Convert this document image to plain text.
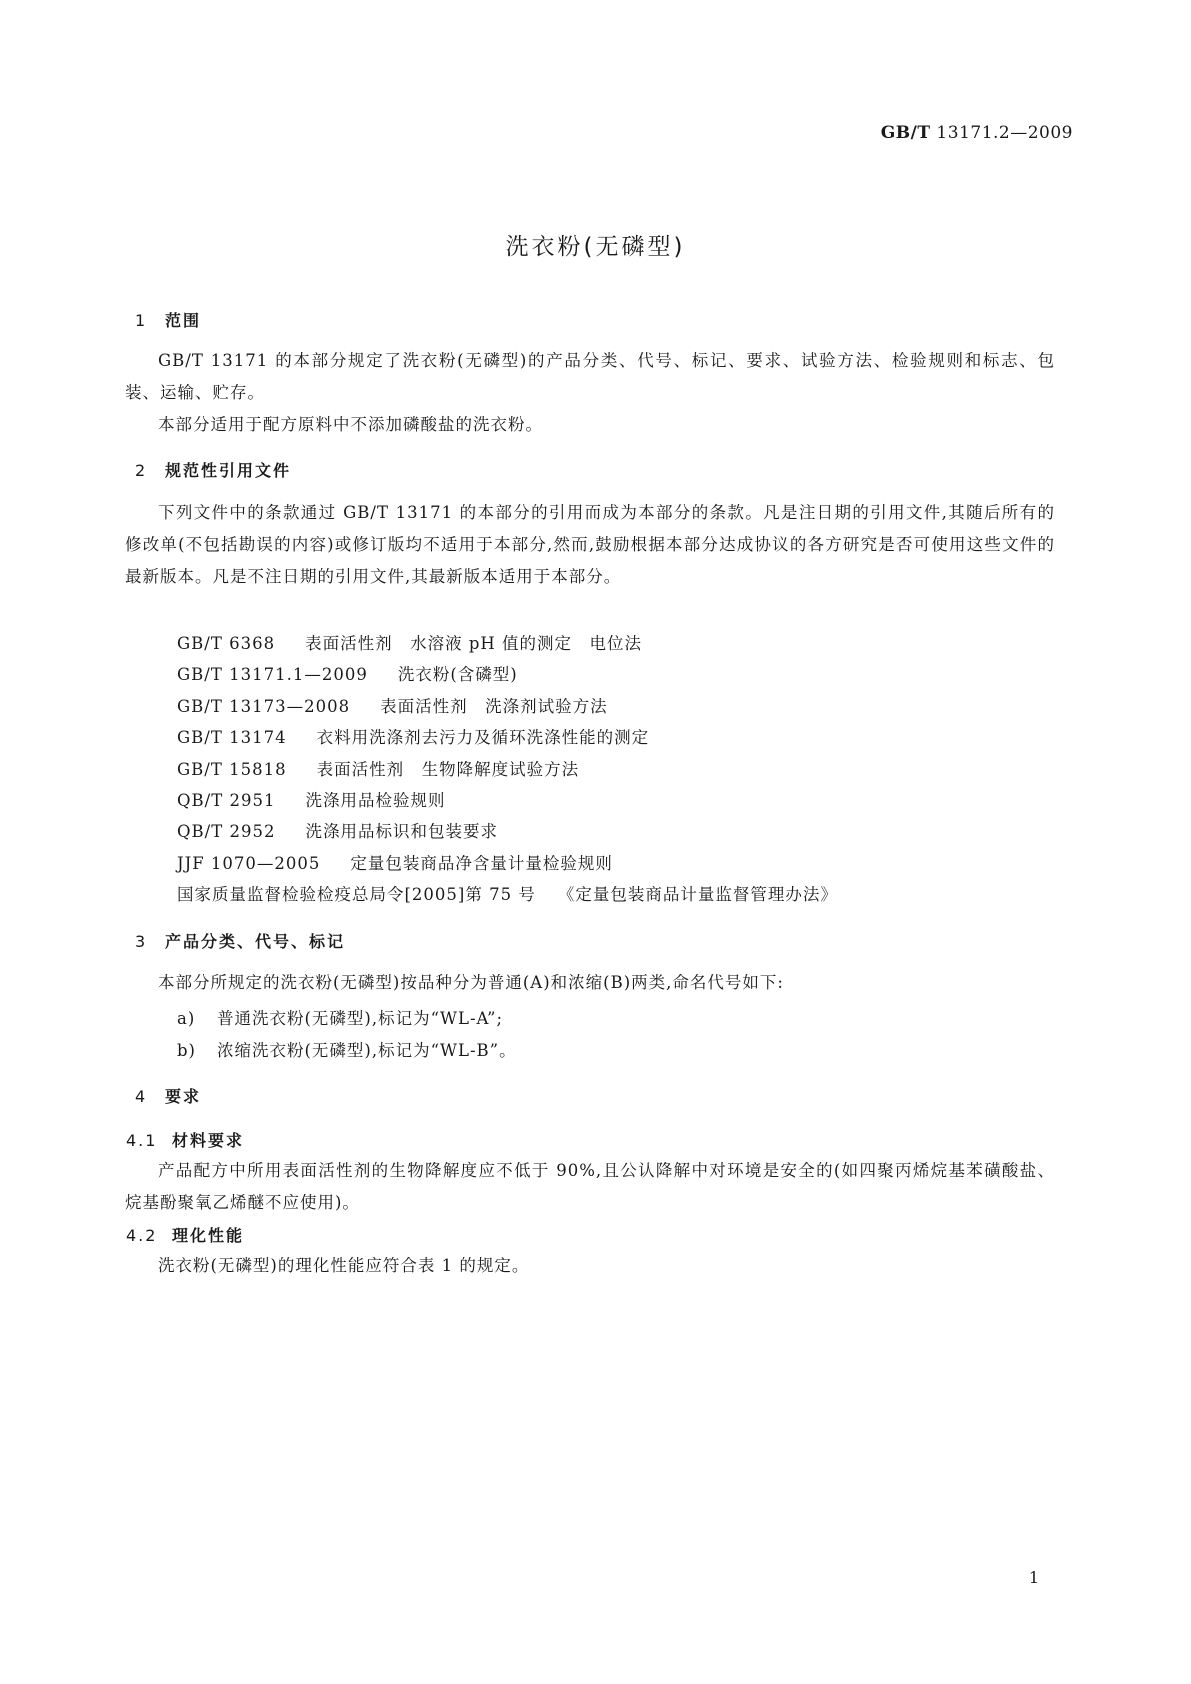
GB/T 13171.2—2009
洗衣粉(无磷型)
1 范围
GB/T 13171 的本部分规定了洗衣粉(无磷型)的产品分类、代号、标记、要求、试验方法、检验规则和标志、包装、运输、贮存。
本部分适用于配方原料中不添加磷酸盐的洗衣粉。
2 规范性引用文件
下列文件中的条款通过 GB/T 13171 的本部分的引用而成为本部分的条款。凡是注日期的引用文件,其随后所有的修改单(不包括勘误的内容)或修订版均不适用于本部分,然而,鼓励根据本部分达成协议的各方研究是否可使用这些文件的最新版本。凡是不注日期的引用文件,其最新版本适用于本部分。
GB/T 6368 表面活性剂　水溶液 pH 值的测定　电位法
GB/T 13171.1—2009 洗衣粉(含磷型)
GB/T 13173—2008 表面活性剂　洗涤剂试验方法
GB/T 13174 衣料用洗涤剂去污力及循环洗涤性能的测定
GB/T 15818 表面活性剂　生物降解度试验方法
QB/T 2951 洗涤用品检验规则
QB/T 2952 洗涤用品标识和包装要求
JJF 1070—2005 定量包装商品净含量计量检验规则
国家质量监督检验检疫总局令[2005]第 75 号 《定量包装商品计量监督管理办法》
3 产品分类、代号、标记
本部分所规定的洗衣粉(无磷型)按品种分为普通(A)和浓缩(B)两类,命名代号如下:
a) 普通洗衣粉(无磷型),标记为“WL-A”;
b) 浓缩洗衣粉(无磷型),标记为“WL-B”。
4 要求
4.1 材料要求
产品配方中所用表面活性剂的生物降解度应不低于 90%,且公认降解中对环境是安全的(如四聚丙烯烷基苯磺酸盐、烷基酚聚氧乙烯醚不应使用)。
4.2 理化性能
洗衣粉(无磷型)的理化性能应符合表 1 的规定。
1
